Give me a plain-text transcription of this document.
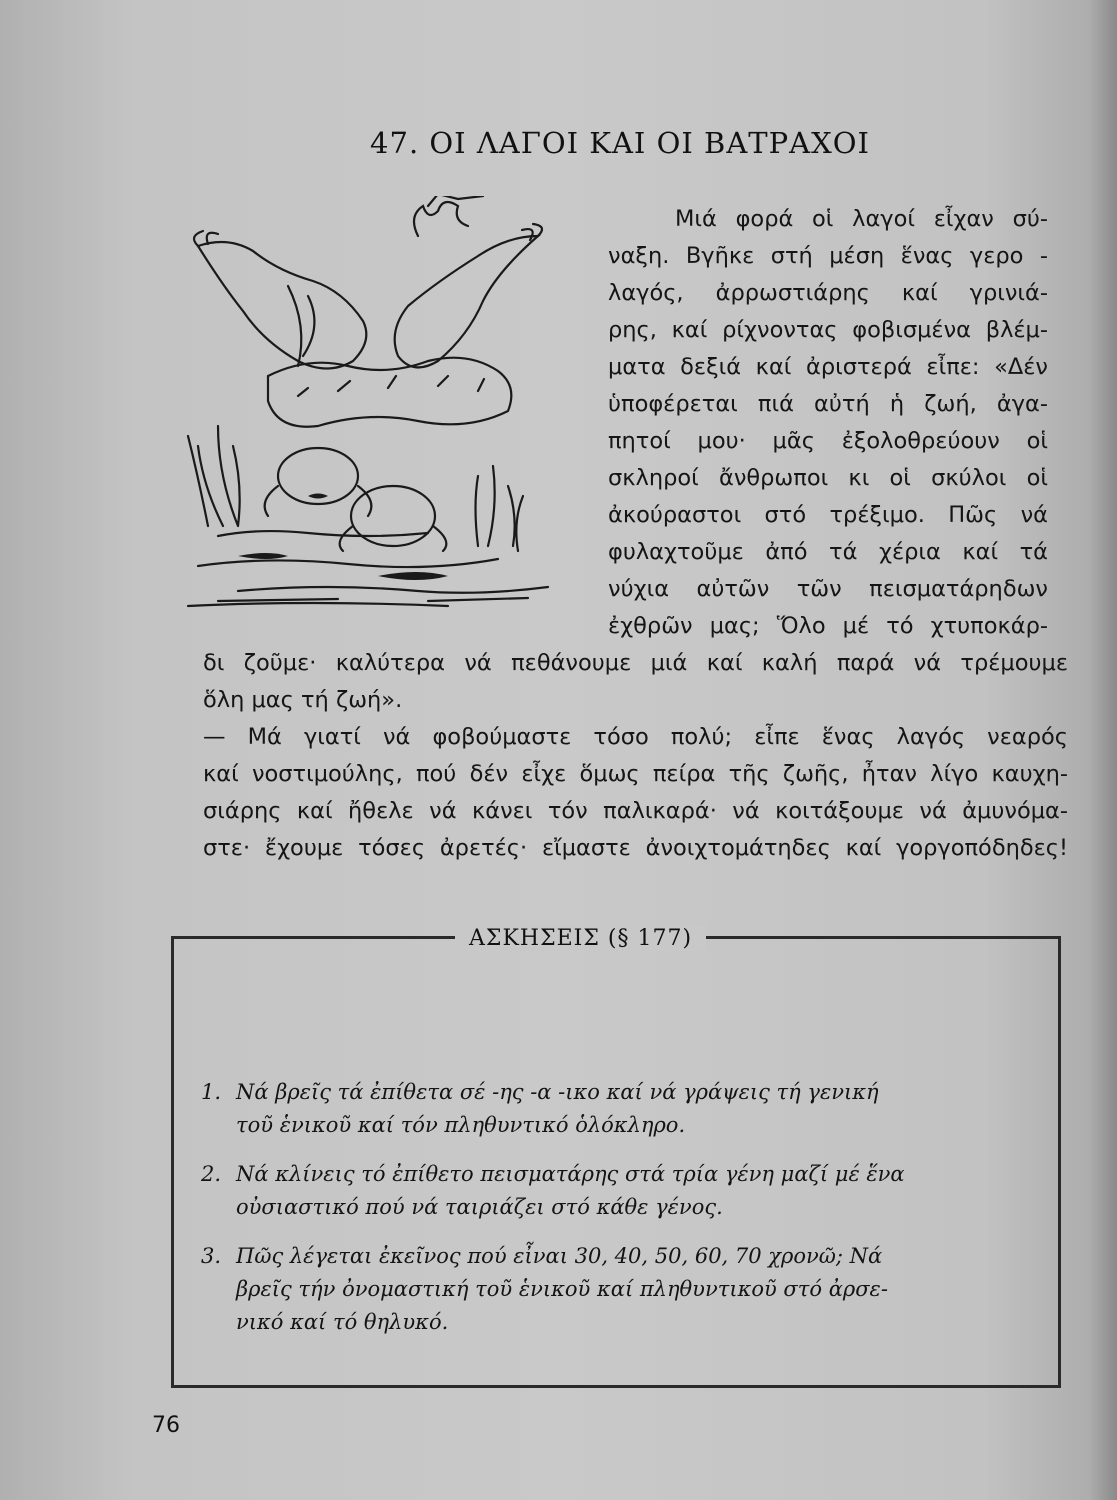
47. ΟΙ ΛΑΓΟΙ ΚΑΙ ΟΙ ΒΑΤΡΑΧΟΙ
Μιά φορά οἱ λαγοί εἶχαν σύ-
ναξη. Βγῆκε στή μέση ἕνας γερο -
λαγός, ἀρρωστιάρης καί γρινιά-
ρης, καί ρίχνοντας φοβισμένα βλέμ-
ματα δεξιά καί ἀριστερά εἶπε: «Δέν
ὑποφέρεται πιά αὐτή ἡ ζωή, ἀγα-
πητοί μου· μᾶς ἐξολοθρεύουν οἱ
σκληροί ἄνθρωποι κι οἱ σκύλοι οἱ
ἀκούραστοι στό τρέξιμο. Πῶς νά
φυλαχτοῦμε ἀπό τά χέρια καί τά
νύχια αὐτῶν τῶν πεισματάρηδων
ἐχθρῶν μας; Ὅλο μέ τό χτυποκάρ-
δι ζοῦμε· καλύτερα νά πεθάνουμε μιά καί καλή παρά νά τρέμουμε
ὅλη μας τή ζωή».
— Μά γιατί νά φοβούμαστε τόσο πολύ; εἶπε ἕνας λαγός νεαρός
καί νοστιμούλης, πού δέν εἶχε ὅμως πείρα τῆς ζωῆς, ἦταν λίγο καυχη-
σιάρης καί ἤθελε νά κάνει τόν παλικαρά· νά κοιτάξουμε νά ἀμυνόμα-
στε· ἔχουμε τόσες ἀρετές· εἴμαστε ἀνοιχτομάτηδες καί γοργοπόδηδες!
ΑΣΚΗΣΕΙΣ (§ 177)
1. Νά βρεῖς τά ἐπίθετα σέ -ης -α -ικο καί νά γράψεις τή γενική
τοῦ ἑνικοῦ καί τόν πληθυντικό ὁλόκληρο.
2. Νά κλίνεις τό ἐπίθετο πεισματάρης στά τρία γένη μαζί μέ ἕνα
οὐσιαστικό πού νά ταιριάζει στό κάθε γένος.
3. Πῶς λέγεται ἐκεῖνος πού εἶναι 30, 40, 50, 60, 70 χρονῶ; Νά
βρεῖς τήν ὀνομαστική τοῦ ἑνικοῦ καί πληθυντικοῦ στό ἀρσε-
νικό καί τό θηλυκό.
76
